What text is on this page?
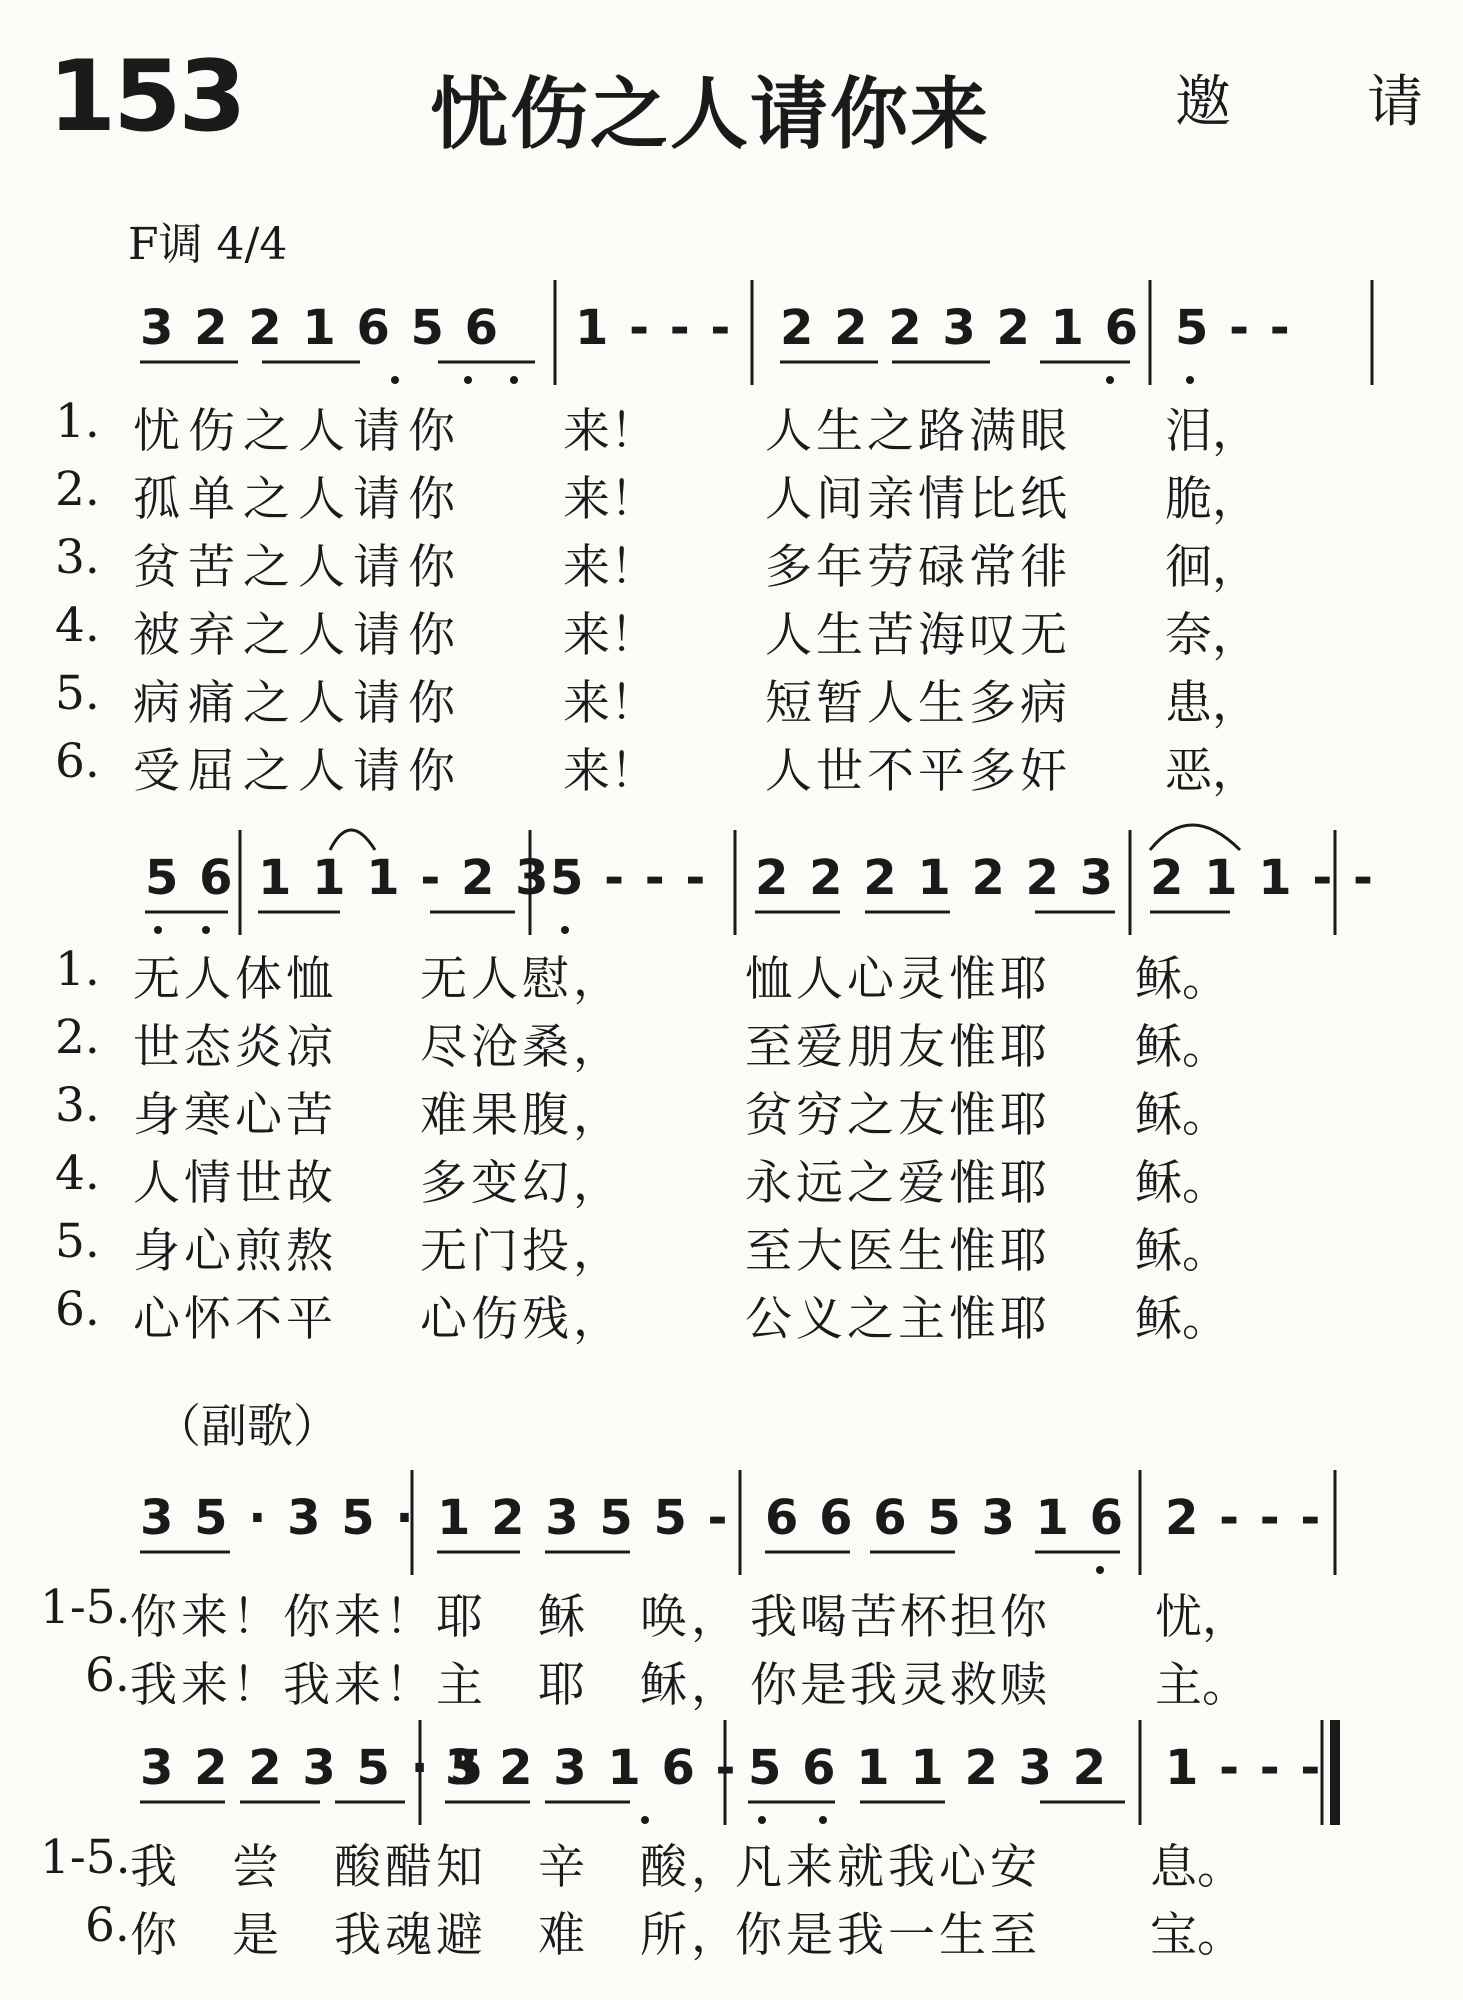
153 忧伤之人请你来	邀　请
F调 4/4
3 2 2 1 6 5 6 1 - - - 2 2 2 3 2 1 6 5 - -
1. 忧伤之人请你 来！ 人生之路满眼 泪，
2. 孤单之人请你 来！ 人间亲情比纸 脆，
3. 贫苦之人请你 来！ 多年劳碌常徘 徊，
4. 被弃之人请你 来！ 人生苦海叹无 奈，
5. 病痛之人请你 来！ 短暂人生多病 患，
6. 受屈之人请你 来！ 人世不平多奸 恶，
5 6 1 1 1 - 2 3 5 - - - 2 2 2 1 2 2 3 2 1 1 - -
1. 无人体恤 无人慰，	恤人心灵惟耶 稣。
2. 世态炎凉 尽沧桑，	至爱朋友惟耶 稣。
3. 身寒心苦 难果腹，	贫穷之友惟耶 稣。
4. 人情世故 多变幻，	永远之爱惟耶 稣。
5. 身心煎熬 无门投，	至大医生惟耶 稣。
6. 心怀不平 心伤残，	公义之主惟耶 稣。
（副歌）
3 5 · 3 5 · 1 2 3 5 5 - 6 6 6 5 3 1 6 2 - - -
1-5. 你来！你来！耶　稣　唤， 我喝苦杯担你 忧，
6. 我来！我来！主　耶　稣， 你是我灵救赎 主。
3 2 2 3 5 · 5
3 2 3 1 6 - 5 6 1 1 2 3 2 1 - - -
1-5. 我　尝　酸醋知　辛　酸，
凡来就我心安 息。
6. 你　是　我魂避　难　所，
你是我一生至 宝。
